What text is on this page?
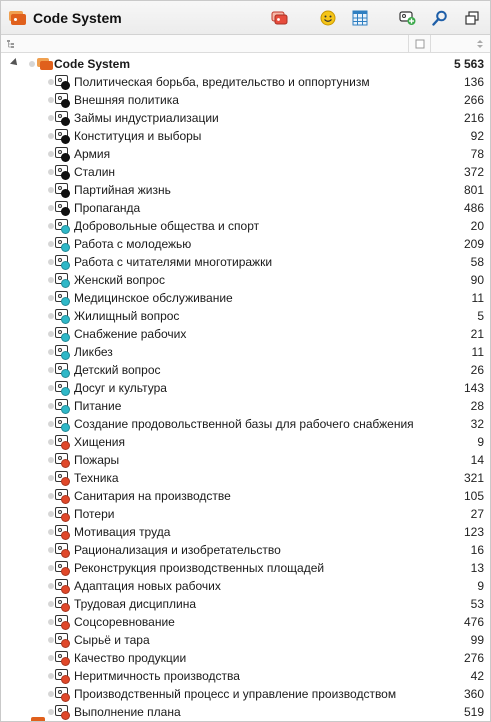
Code System
Code System	5 563
Политическая борьба, вредительство и оппортунизм	136
Внешняя политика	266
Займы индустриализации	216
Конституция и выборы	92
Армия	78
Сталин	372
Партийная жизнь	801
Пропаганда	486
Добровольные общества и спорт	20
Работа с молодежью	209
Работа с читателями многотиражки	58
Женский вопрос	90
Медицинское обслуживание	11
Жилищный вопрос	5
Снабжение рабочих	21
Ликбез	11
Детский вопрос	26
Досуг и культура	143
Питание	28
Создание продовольственной базы для рабочего снабжения	32
Хищения	9
Пожары	14
Техника	321
Санитария на производстве	105
Потери	27
Мотивация труда	123
Рационализация и изобретательство	16
Реконструкция производственных площадей	13
Адаптация новых рабочих	9
Трудовая дисциплина	53
Соцсоревнование	476
Сырьё и тара	99
Качество продукции	276
Неритмичность производства	42
Производственный процесс и управление производством	360
Выполнение плана	519
